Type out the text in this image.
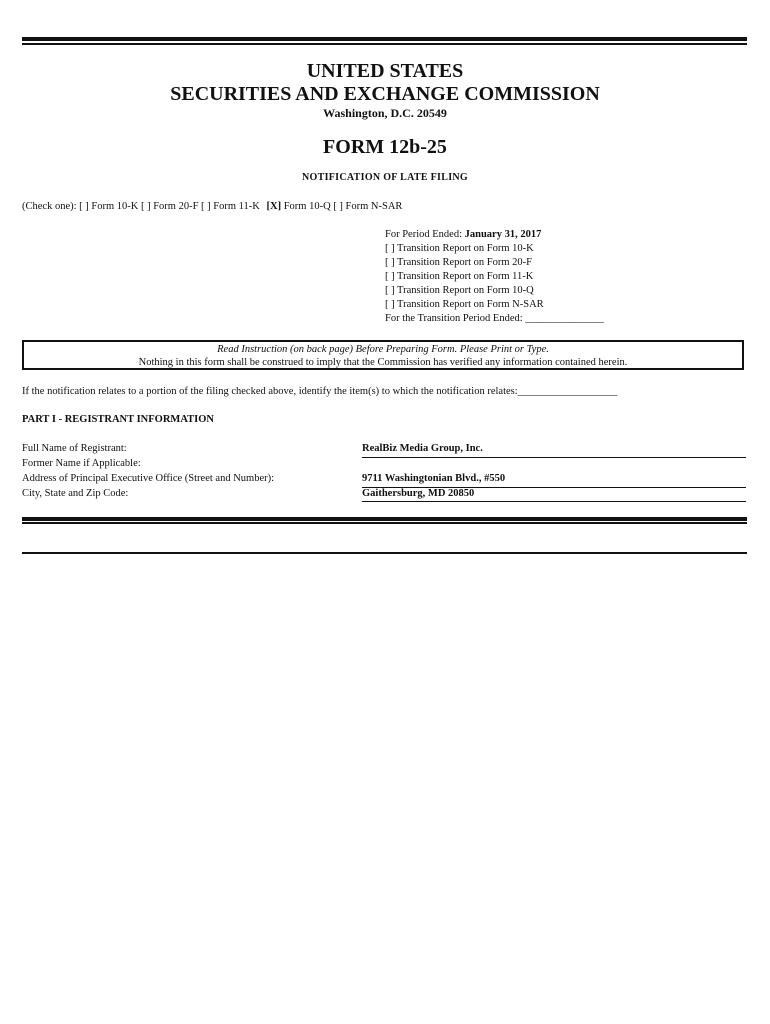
UNITED STATES
SECURITIES AND EXCHANGE COMMISSION
Washington, D.C. 20549
FORM 12b-25
NOTIFICATION OF LATE FILING
(Check one): [ ] Form 10-K [ ] Form 20-F [ ] Form 11-K [X] Form 10-Q [ ] Form N-SAR
For Period Ended: January 31, 2017
[ ] Transition Report on Form 10-K
[ ] Transition Report on Form 20-F
[ ] Transition Report on Form 11-K
[ ] Transition Report on Form 10-Q
[ ] Transition Report on Form N-SAR
For the Transition Period Ended: _______________
Read Instruction (on back page) Before Preparing Form. Please Print or Type.
Nothing in this form shall be construed to imply that the Commission has verified any information contained herein.
If the notification relates to a portion of the filing checked above, identify the item(s) to which the notification relates:___________________
PART I - REGISTRANT INFORMATION
Full Name of Registrant:
Former Name if Applicable:
Address of Principal Executive Office (Street and Number):
City, State and Zip Code:
RealBiz Media Group, Inc.
9711 Washingtonian Blvd., #550
Gaithersburg, MD 20850
